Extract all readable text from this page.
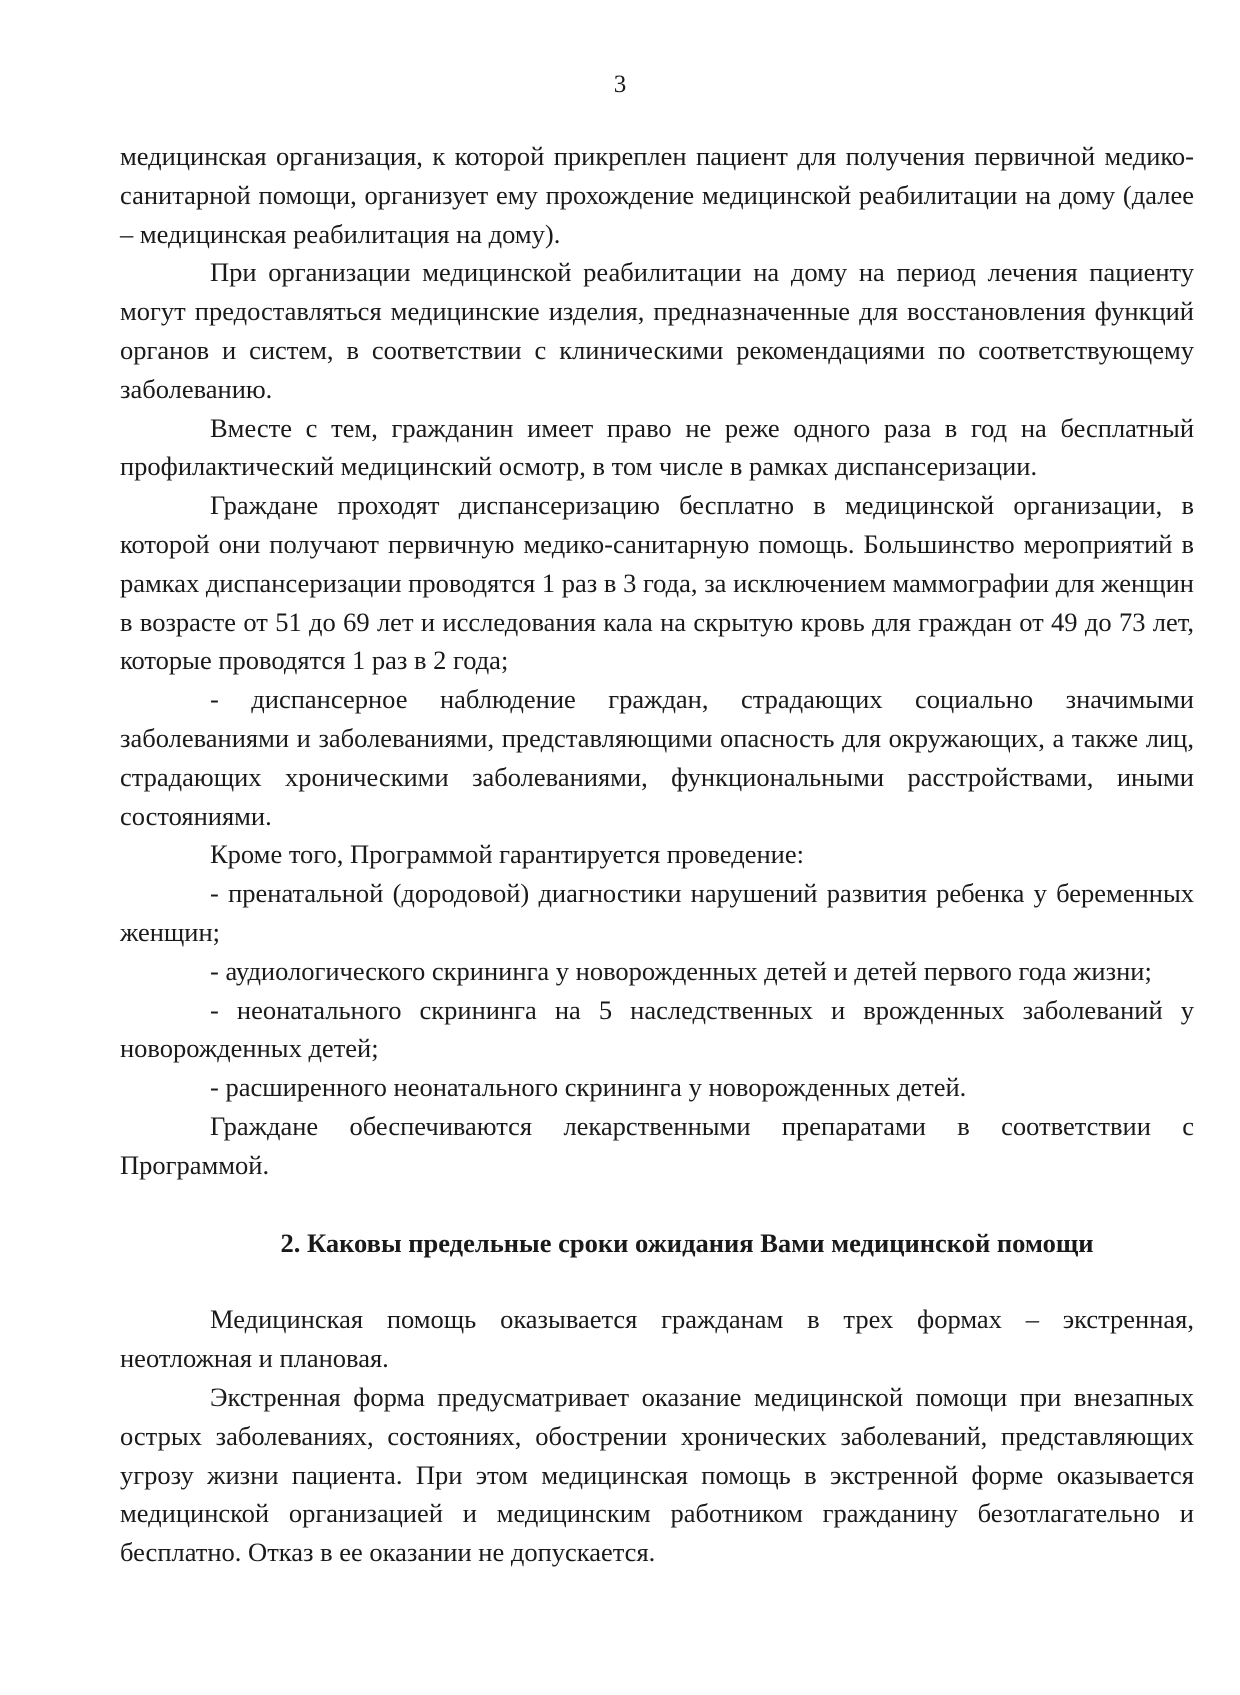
3

медицинская организация, к которой прикреплен пациент для получения первичной медико-санитарной помощи, организует ему прохождение медицинской реабилитации на дому (далее – медицинская реабилитация на дому).

При организации медицинской реабилитации на дому на период лечения пациенту могут предоставляться медицинские изделия, предназначенные для восстановления функций органов и систем, в соответствии с клиническими рекомендациями по соответствующему заболеванию.

Вместе с тем, гражданин имеет право не реже одного раза в год на бесплатный профилактический медицинский осмотр, в том числе в рамках диспансеризации.

Граждане проходят диспансеризацию бесплатно в медицинской организации, в которой они получают первичную медико-санитарную помощь. Большинство мероприятий в рамках диспансеризации проводятся 1 раз в 3 года, за исключением маммографии для женщин в возрасте от 51 до 69 лет и исследования кала на скрытую кровь для граждан от 49 до 73 лет, которые проводятся 1 раз в 2 года;

- диспансерное наблюдение граждан, страдающих социально значимыми заболеваниями и заболеваниями, представляющими опасность для окружающих, а также лиц, страдающих хроническими заболеваниями, функциональными расстройствами, иными состояниями.

Кроме того, Программой гарантируется проведение:

- пренатальной (дородовой) диагностики нарушений развития ребенка у беременных женщин;

- аудиологического скрининга у новорожденных детей и детей первого года жизни;

- неонатального скрининга на 5 наследственных и врожденных заболеваний у новорожденных детей;

- расширенного неонатального скрининга у новорожденных детей.

Граждане обеспечиваются лекарственными препаратами в соответствии с Программой.

2. Каковы предельные сроки ожидания Вами медицинской помощи

Медицинская помощь оказывается гражданам в трех формах – экстренная, неотложная и плановая.

Экстренная форма предусматривает оказание медицинской помощи при внезапных острых заболеваниях, состояниях, обострении хронических заболеваний, представляющих угрозу жизни пациента. При этом медицинская помощь в экстренной форме оказывается медицинской организацией и медицинским работником гражданину безотлагательно и бесплатно. Отказ в ее оказании не допускается.
